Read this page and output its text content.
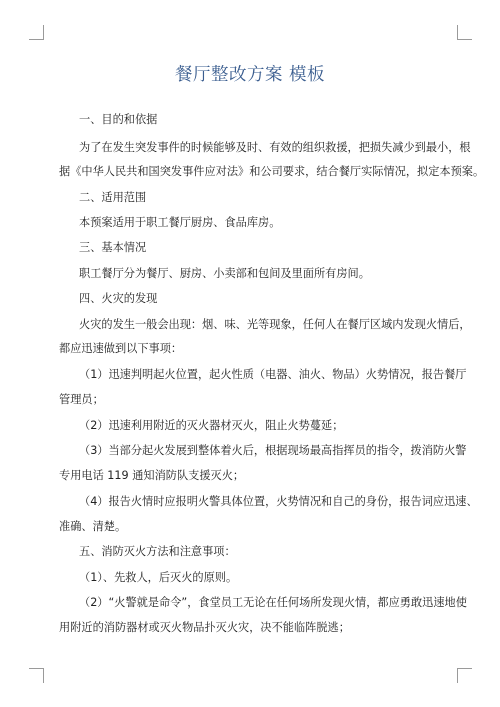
餐厅整改方案 模板
一、目的和依据
为了在发生突发事件的时候能够及时、有效的组织救援，把损失减少到最小，根
据《中华人民共和国突发事件应对法》和公司要求，结合餐厅实际情况，拟定本预案。
二、适用范围
本预案适用于职工餐厅厨房、食品库房。
三、基本情况
职工餐厅分为餐厅、厨房、小卖部和包间及里面所有房间。
四、火灾的发现
火灾的发生一般会出现：烟、味、光等现象，任何人在餐厅区域内发现火情后，
都应迅速做到以下事项：
（1）迅速判明起火位置，起火性质（电器、油火、物品）火势情况，报告餐厅
管理员；
（2）迅速利用附近的灭火器材灭火，阻止火势蔓延；
（3）当部分起火发展到整体着火后，根据现场最高指挥员的指令，拨消防火警
专用电话 119 通知消防队支援灭火；
（4）报告火情时应报明火警具体位置，火势情况和自己的身份，报告词应迅速、
准确、清楚。
五、消防灭火方法和注意事项：
（1）、先救人，后灭火的原则。
（2）“火警就是命令”，食堂员工无论在任何场所发现火情，都应勇敢迅速地使
用附近的消防器材或灭火物品扑灭火灾，决不能临阵脱逃；
